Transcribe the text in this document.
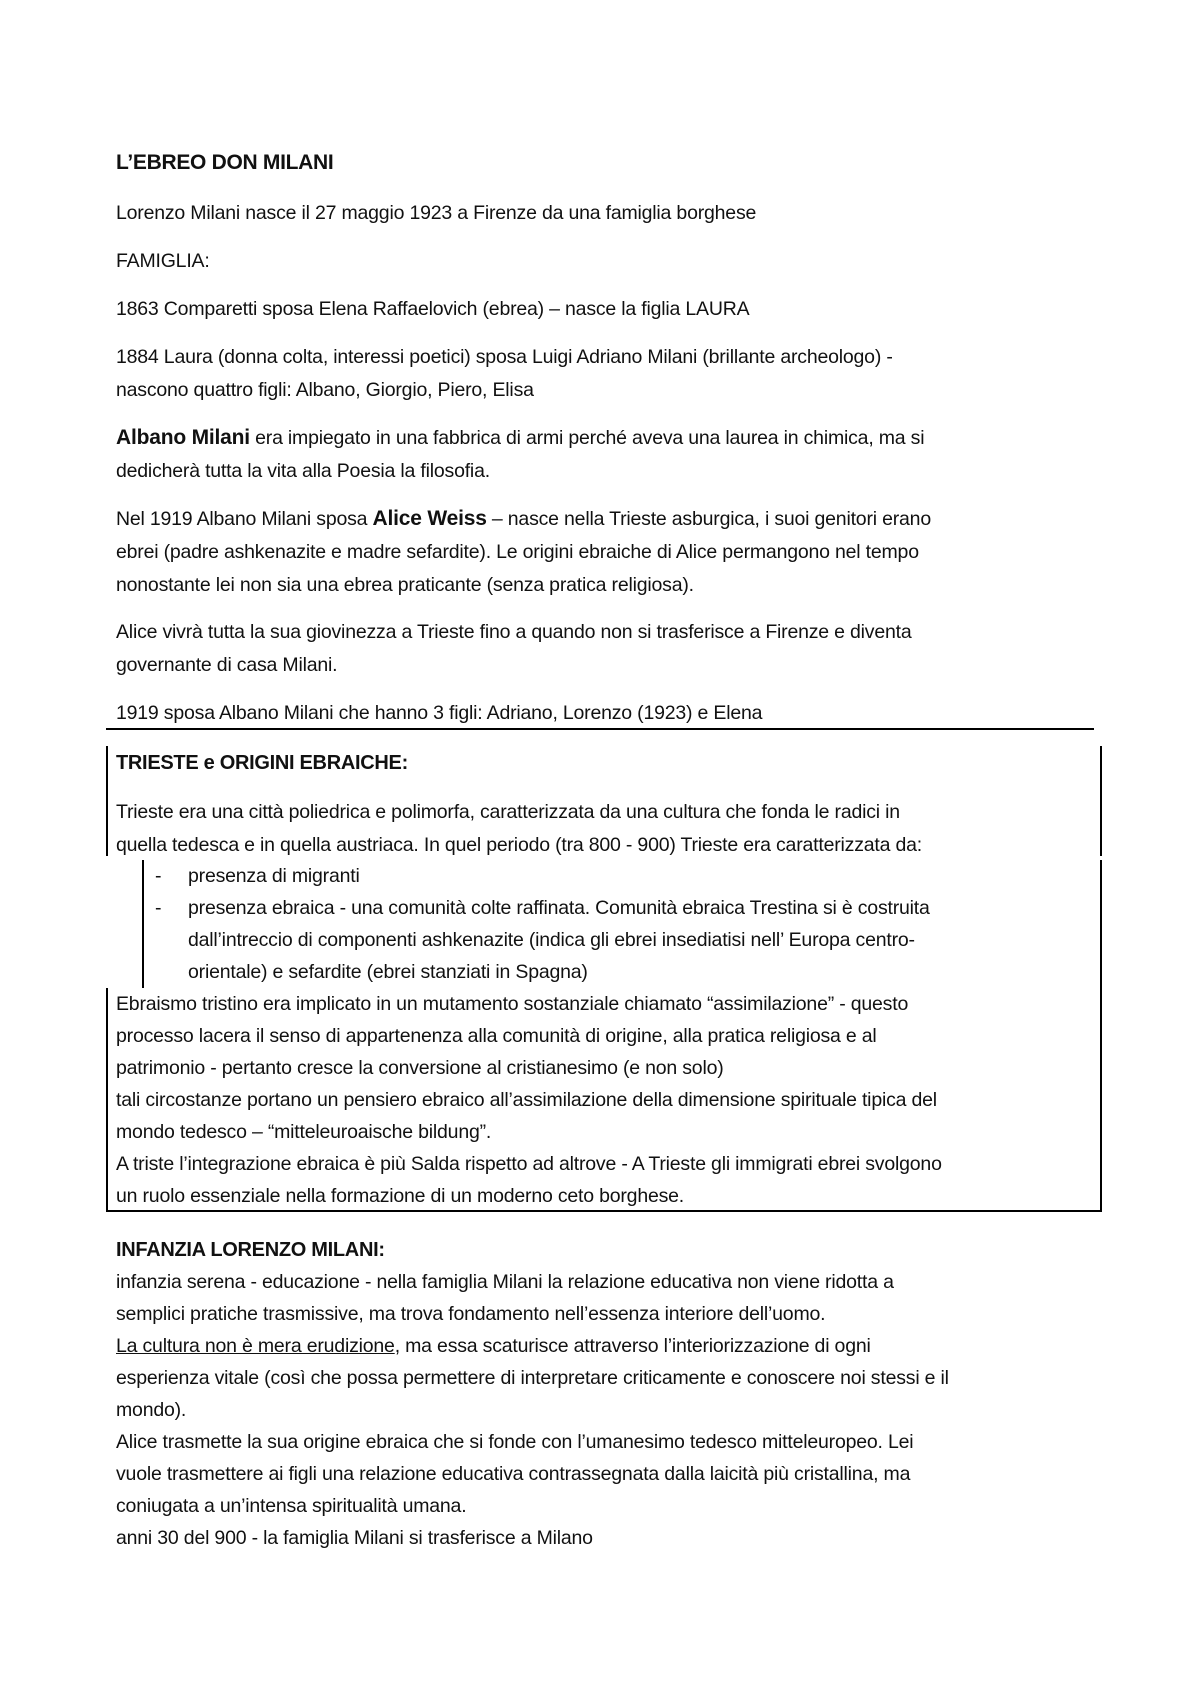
L’EBREO DON MILANI
Lorenzo Milani nasce il 27 maggio 1923 a Firenze da una famiglia borghese
FAMIGLIA:
1863 Comparetti sposa Elena Raffaelovich (ebrea) – nasce la figlia LAURA
1884 Laura (donna colta, interessi poetici) sposa Luigi Adriano Milani (brillante archeologo) -
nascono quattro figli: Albano, Giorgio, Piero, Elisa
Albano Milani era impiegato in una fabbrica di armi perché aveva una laurea in chimica, ma si
dedicherà tutta la vita alla Poesia la filosofia.
Nel 1919 Albano Milani sposa Alice Weiss – nasce nella Trieste asburgica, i suoi genitori erano
ebrei (padre ashkenazite e madre sefardite). Le origini ebraiche di Alice permangono nel tempo
nonostante lei non sia una ebrea praticante (senza pratica religiosa).
Alice vivrà tutta la sua giovinezza a Trieste fino a quando non si trasferisce a Firenze e diventa
governante di casa Milani.
1919 sposa Albano Milani che hanno 3 figli: Adriano, Lorenzo (1923) e Elena
TRIESTE e ORIGINI EBRAICHE:
Trieste era una città poliedrica e polimorfa, caratterizzata da una cultura che fonda le radici in
quella tedesca e in quella austriaca. In quel periodo (tra 800 - 900) Trieste era caratterizzata da:
- presenza di migranti
- presenza ebraica - una comunità colte raffinata. Comunità ebraica Trestina si è costruita
dall’intreccio di componenti ashkenazite (indica gli ebrei insediatisi nell’ Europa centro-
orientale) e sefardite (ebrei stanziati in Spagna)
Ebraismo tristino era implicato in un mutamento sostanziale chiamato “assimilazione” - questo
processo lacera il senso di appartenenza alla comunità di origine, alla pratica religiosa e al
patrimonio - pertanto cresce la conversione al cristianesimo (e non solo)
tali circostanze portano un pensiero ebraico all’assimilazione della dimensione spirituale tipica del
mondo tedesco – “mitteleuroaische bildung”.
A triste l’integrazione ebraica è più Salda rispetto ad altrove - A Trieste gli immigrati ebrei svolgono
un ruolo essenziale nella formazione di un moderno ceto borghese.
INFANZIA LORENZO MILANI:
infanzia serena - educazione - nella famiglia Milani la relazione educativa non viene ridotta a
semplici pratiche trasmissive, ma trova fondamento nell’essenza interiore dell’uomo.
La cultura non è mera erudizione, ma essa scaturisce attraverso l’interiorizzazione di ogni
esperienza vitale (così che possa permettere di interpretare criticamente e conoscere noi stessi e il
mondo).
Alice trasmette la sua origine ebraica che si fonde con l’umanesimo tedesco mitteleuropeo. Lei
vuole trasmettere ai figli una relazione educativa contrassegnata dalla laicità più cristallina, ma
coniugata a un’intensa spiritualità umana.
anni 30 del 900 - la famiglia Milani si trasferisce a Milano
